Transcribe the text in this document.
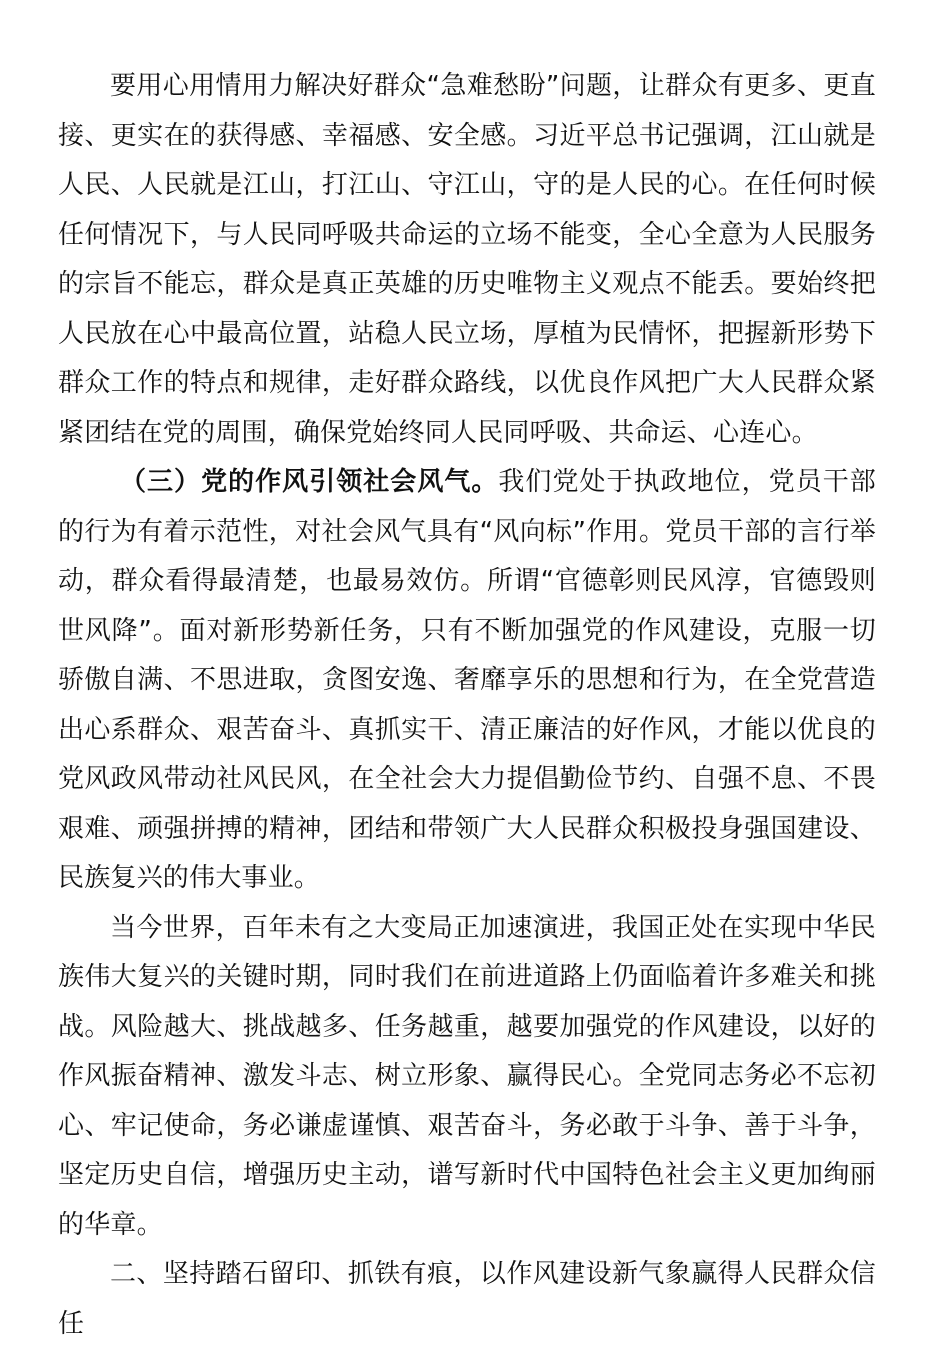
要用心用情用力解决好群众“急难愁盼”问题，让群众有更多、更直接、更实在的获得感、幸福感、安全感。习近平总书记强调，江山就是人民、人民就是江山，打江山、守江山，守的是人民的心。在任何时候任何情况下，与人民同呼吸共命运的立场不能变，全心全意为人民服务的宗旨不能忘，群众是真正英雄的历史唯物主义观点不能丢。要始终把人民放在心中最高位置，站稳人民立场，厚植为民情怀，把握新形势下群众工作的特点和规律，走好群众路线，以优良作风把广大人民群众紧紧团结在党的周围，确保党始终同人民同呼吸、共命运、心连心。

（三）党的作风引领社会风气。我们党处于执政地位，党员干部的行为有着示范性，对社会风气具有“风向标”作用。党员干部的言行举动，群众看得最清楚，也最易效仿。所谓“官德彰则民风淳，官德毁则世风降”。面对新形势新任务，只有不断加强党的作风建设，克服一切骄傲自满、不思进取，贪图安逸、奢靡享乐的思想和行为，在全党营造出心系群众、艰苦奋斗、真抓实干、清正廉洁的好作风，才能以优良的党风政风带动社风民风，在全社会大力提倡勤俭节约、自强不息、不畏艰难、顽强拼搏的精神，团结和带领广大人民群众积极投身强国建设、民族复兴的伟大事业。

当今世界，百年未有之大变局正加速演进，我国正处在实现中华民族伟大复兴的关键时期，同时我们在前进道路上仍面临着许多难关和挑战。风险越大、挑战越多、任务越重，越要加强党的作风建设，以好的作风振奋精神、激发斗志、树立形象、赢得民心。全党同志务必不忘初心、牢记使命，务必谦虚谨慎、艰苦奋斗，务必敢于斗争、善于斗争，坚定历史自信，增强历史主动，谱写新时代中国特色社会主义更加绚丽的华章。

二、坚持踏石留印、抓铁有痕，以作风建设新气象赢得人民群众信任
